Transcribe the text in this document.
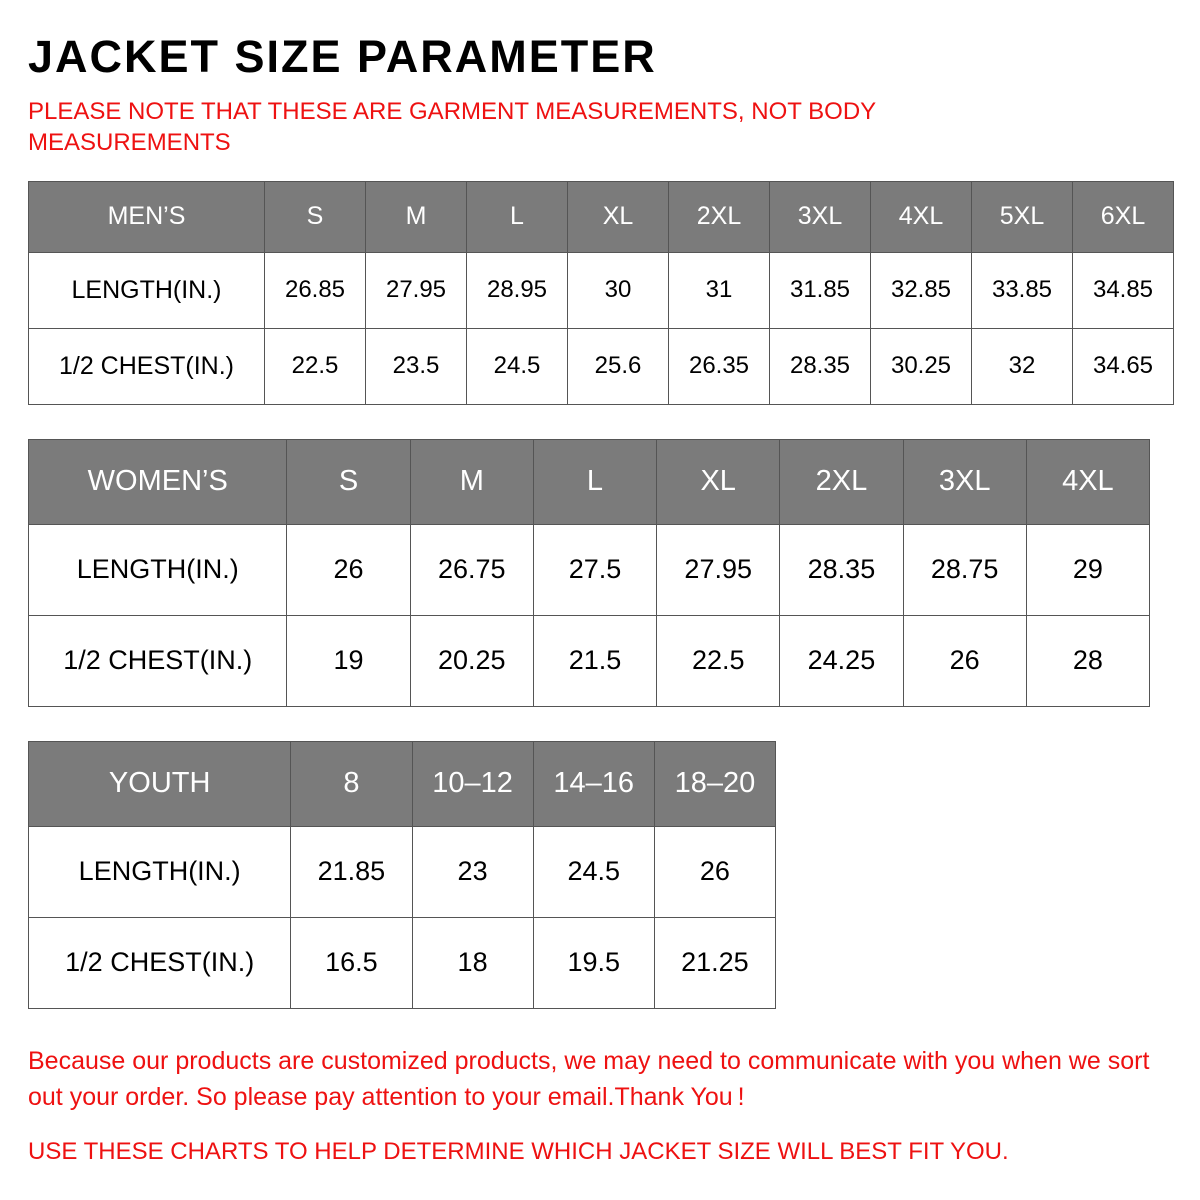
JACKET SIZE PARAMETER
PLEASE NOTE THAT THESE ARE GARMENT MEASUREMENTS, NOT BODY MEASUREMENTS
MEN’S	S	M	L	XL	2XL	3XL	4XL	5XL	6XL
LENGTH(IN.)	26.85	27.95	28.95	30	31	31.85	32.85	33.85	34.85
1/2 CHEST(IN.)	22.5	23.5	24.5	25.6	26.35	28.35	30.25	32	34.65
WOMEN’S	S	M	L	XL	2XL	3XL	4XL
LENGTH(IN.)	26	26.75	27.5	27.95	28.35	28.75	29
1/2 CHEST(IN.)	19	20.25	21.5	22.5	24.25	26	28
YOUTH	8	10–12	14–16	18–20
LENGTH(IN.)	21.85	23	24.5	26
1/2 CHEST(IN.)	16.5	18	19.5	21.25
Because our products are customized products, we may need to communicate with you when we sort out your order. So please pay attention to your email.Thank You !
USE THESE CHARTS TO HELP DETERMINE WHICH JACKET SIZE WILL BEST FIT YOU.
